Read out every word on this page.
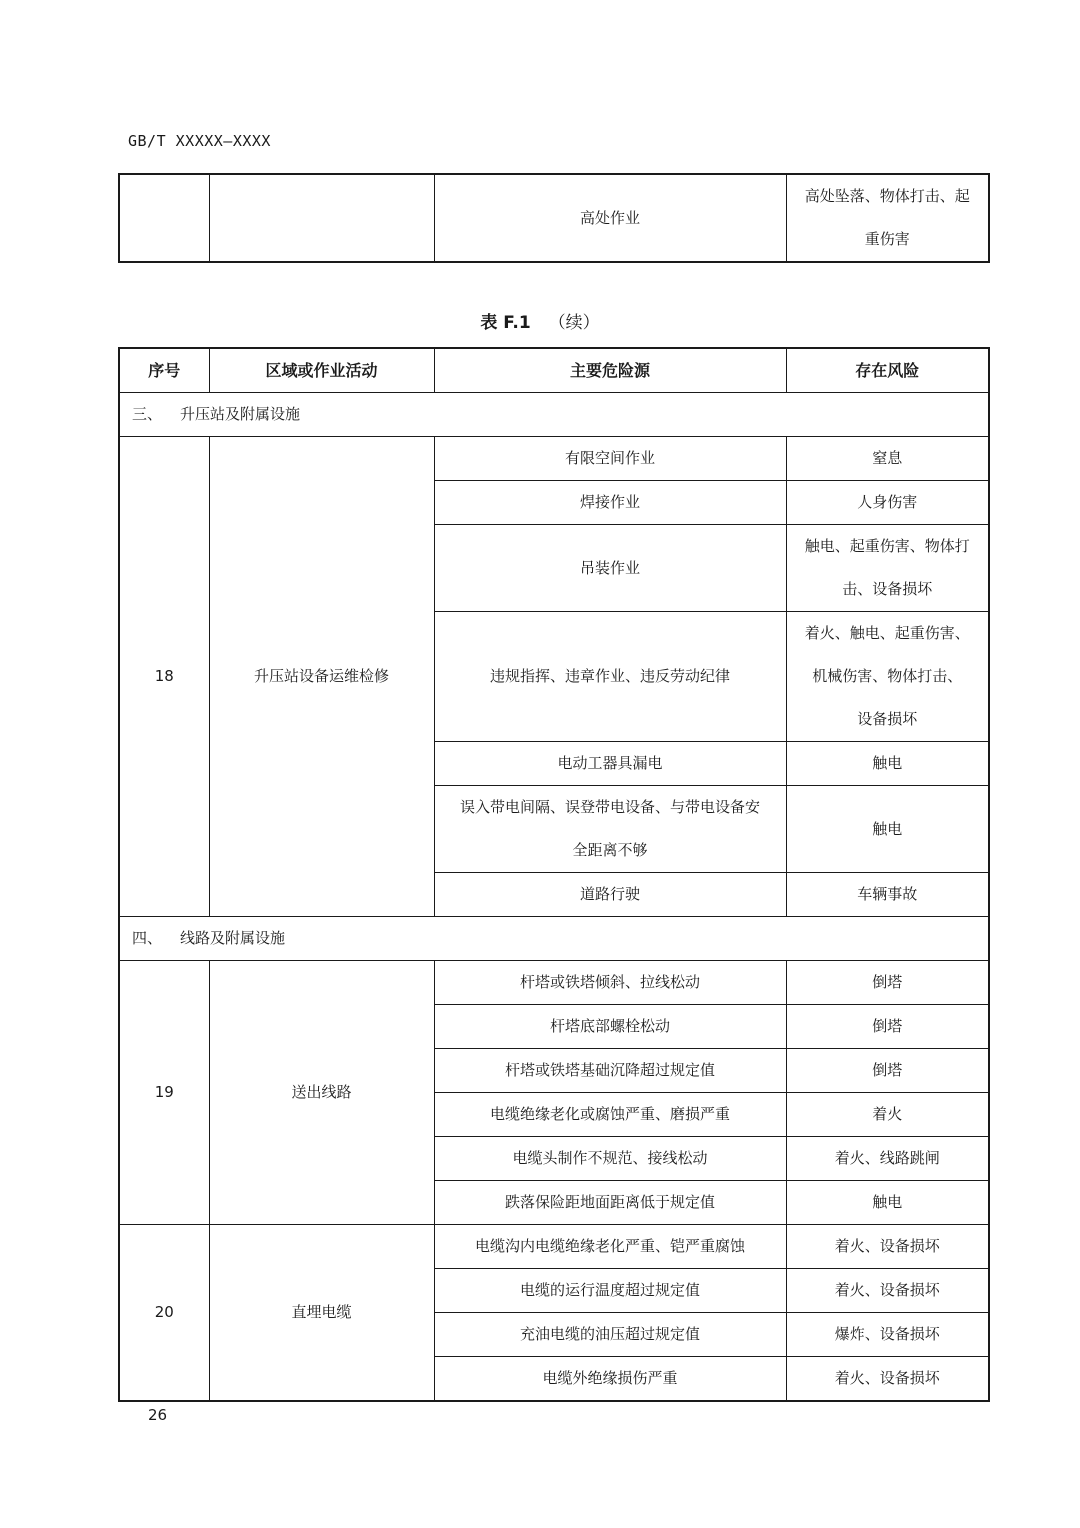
GB/T XXXXX—XXXX
		高处作业	
高处坠落、物体打击、起
重伤害
表 F.1 （续）
序号	区域或作业活动	主要危险源	存在风险
三、 升压站及附属设施			
18	升压站设备运维检修	有限空间作业	窒息
		焊接作业	人身伤害
		吊装作业	触电、起重伤害、物体打
击、设备损坏

		违规指挥、违章作业、违反劳动纪律	着火、触电、起重伤害、
机械伤害、物体打击、
设备损坏

		电动工器具漏电	触电

		误入带电间隔、误登带电设备、与带电设备安
全距离不够	触电
		道路行驶	车辆事故
四、 线路及附属设施			
19	送出线路	杆塔或铁塔倾斜、拉线松动	倒塔
		杆塔底部螺栓松动	倒塔
		杆塔或铁塔基础沉降超过规定值	倒塔
		电缆绝缘老化或腐蚀严重、磨损严重	着火
		电缆头制作不规范、接线松动	着火、线路跳闸
		跌落保险距地面距离低于规定值	触电
20	直埋电缆	电缆沟内电缆绝缘老化严重、铠严重腐蚀	着火、设备损坏
		电缆的运行温度超过规定值	着火、设备损坏
		充油电缆的油压超过规定值	爆炸、设备损坏
		电缆外绝缘损伤严重	着火、设备损坏
26
